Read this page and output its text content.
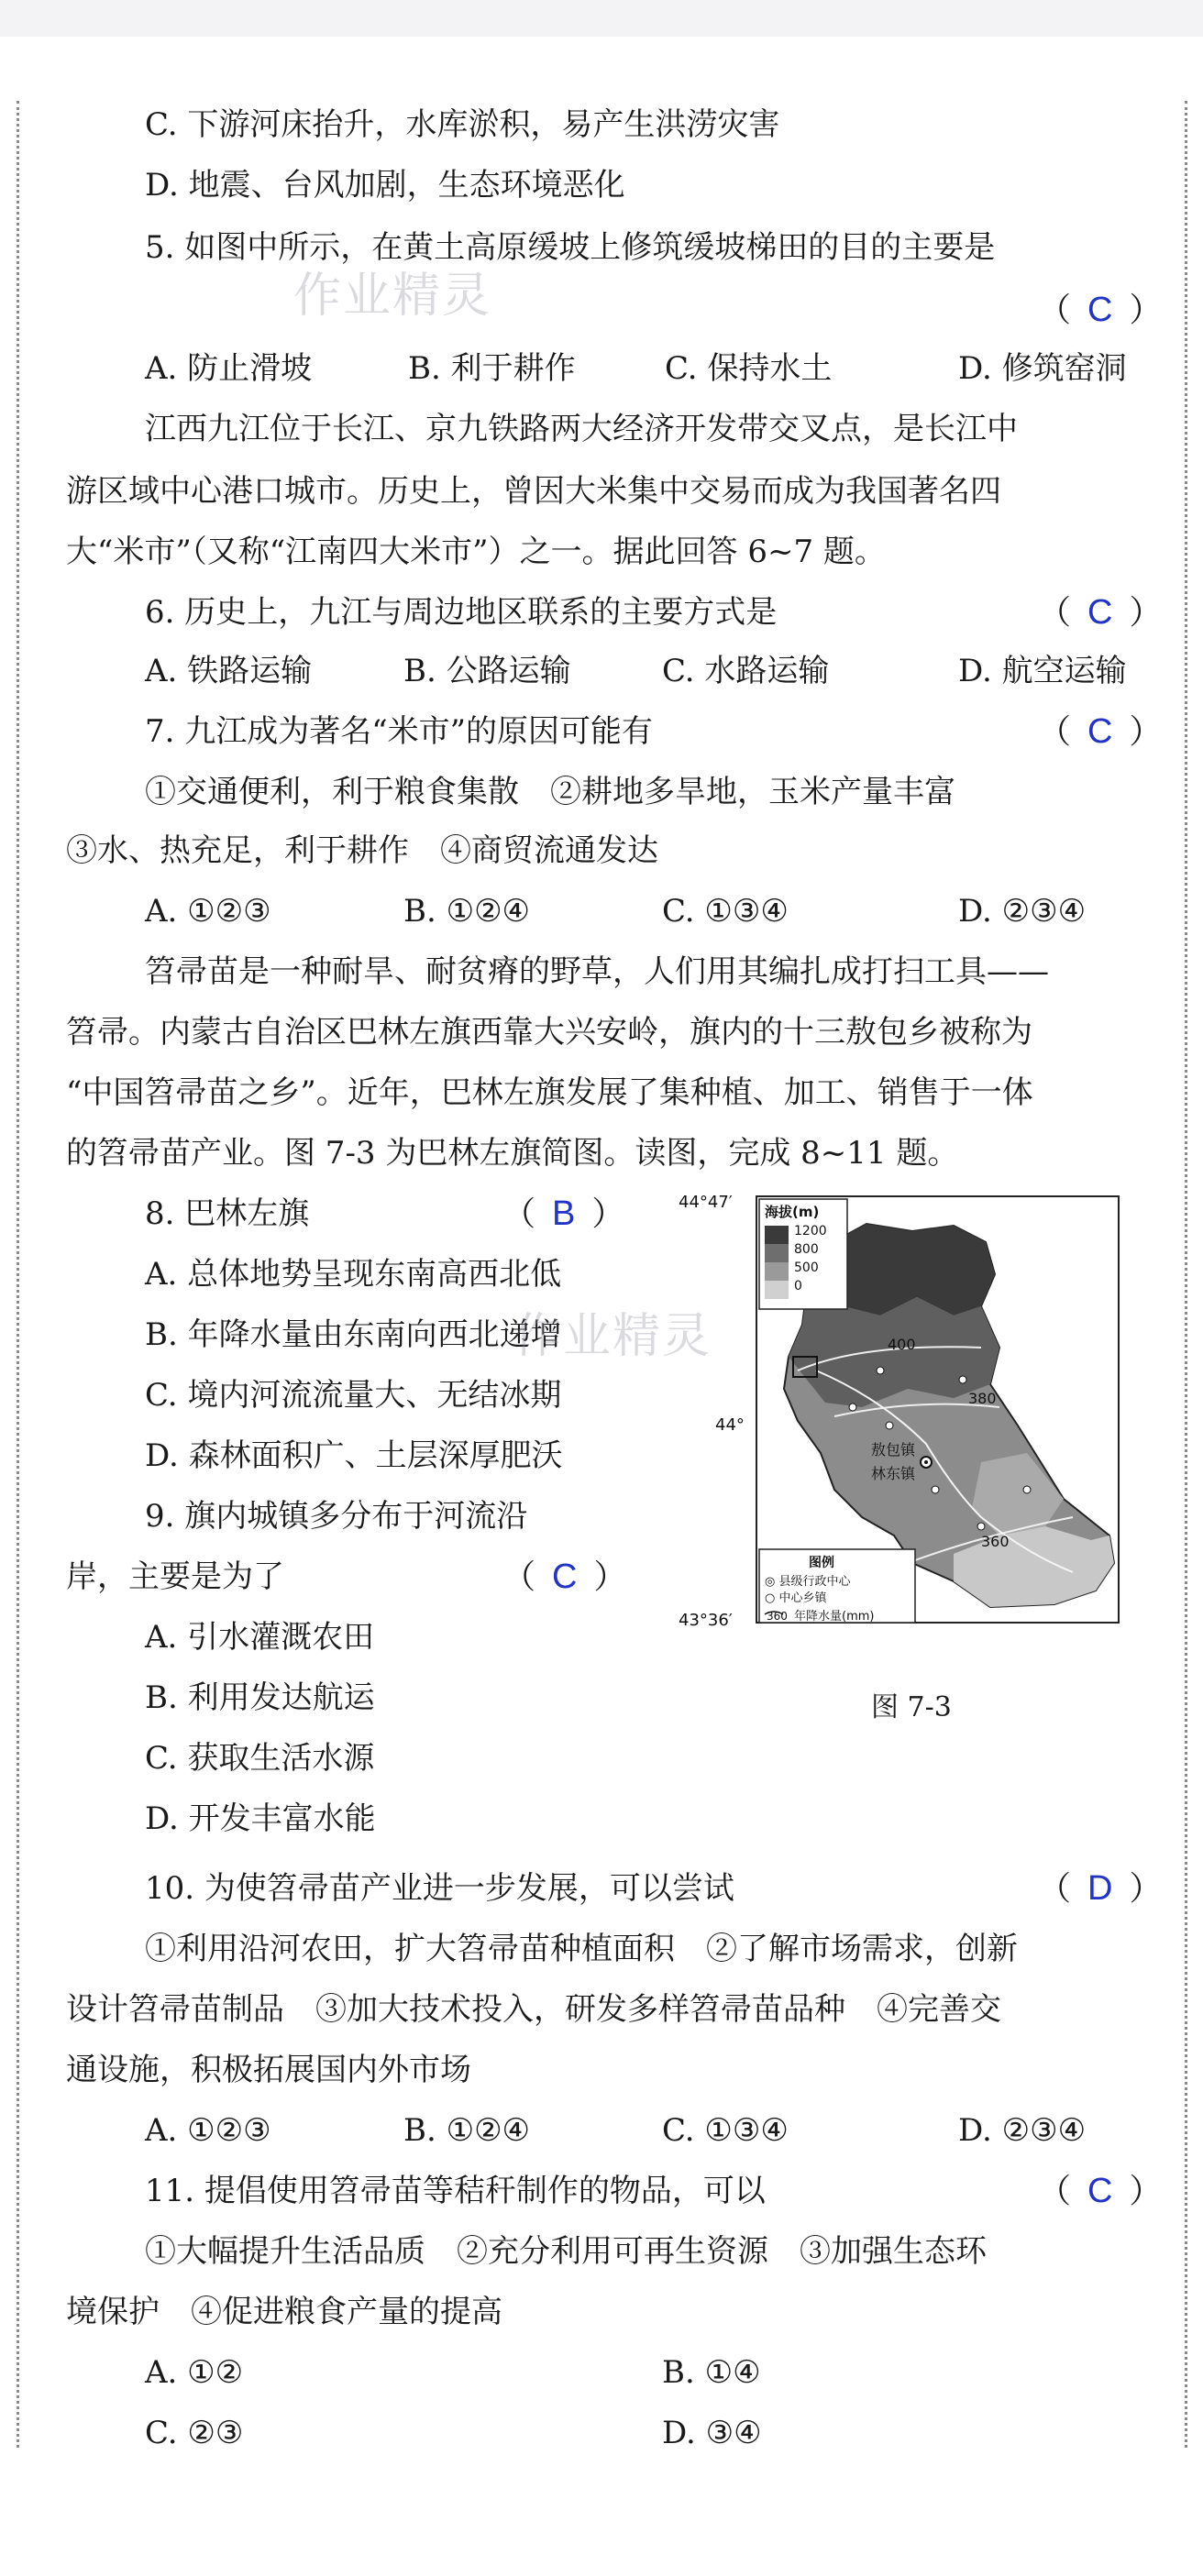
C. 下游河床抬升，水库淤积，易产生洪涝灾害
D. 地震、台风加剧，生态环境恶化
5. 如图中所示，在黄土高原缓坡上修筑缓坡梯田的目的主要是
（ C ）
A. 防止滑坡	B. 利于耕作	C. 保持水土	D. 修筑窑洞
江西九江位于长江、京九铁路两大经济开发带交叉点，是长江中
游区域中心港口城市。历史上，曾因大米集中交易而成为我国著名四
大“米市”（又称“江南四大米市”）之一。据此回答 6~7 题。
6. 历史上，九江与周边地区联系的主要方式是	（ C ）
A. 铁路运输	B. 公路运输	C. 水路运输	D. 航空运输
7. 九江成为著名“米市”的原因可能有	（ C ）
①交通便利，利于粮食集散　②耕地多旱地，玉米产量丰富
③水、热充足，利于耕作　④商贸流通发达
A. ①②③	B. ①②④	C. ①③④	D. ②③④
笤帚苗是一种耐旱、耐贫瘠的野草，人们用其编扎成打扫工具——
笤帚。内蒙古自治区巴林左旗西靠大兴安岭，旗内的十三敖包乡被称为
“中国笤帚苗之乡”。近年，巴林左旗发展了集种植、加工、销售于一体
的笤帚苗产业。图 7-3 为巴林左旗简图。读图，完成 8~11 题。
8. 巴林左旗	（ B ）
A. 总体地势呈现东南高西北低
B. 年降水量由东南向西北递增
C. 境内河流流量大、无结冰期
D. 森林面积广、土层深厚肥沃
9. 旗内城镇多分布于河流沿
岸，主要是为了	（ C ）
A. 引水灌溉农田
B. 利用发达航运
C. 获取生活水源
D. 开发丰富水能
44°47′
44°
43°36′
海拔(m)
1200
800
500
0
400
380
360
敖包镇
林东镇
图例
◎ 县级行政中心
○ 中心乡镇
360 年降水量(mm)
图 7-3
10. 为使笤帚苗产业进一步发展，可以尝试	（ D ）
①利用沿河农田，扩大笤帚苗种植面积　②了解市场需求，创新
设计笤帚苗制品　③加大技术投入，研发多样笤帚苗品种　④完善交
通设施，积极拓展国内外市场
A. ①②③	B. ①②④	C. ①③④	D. ②③④
11. 提倡使用笤帚苗等秸秆制作的物品，可以	（ C ）
①大幅提升生活品质　②充分利用可再生资源　③加强生态环
境保护　④促进粮食产量的提高
A. ①②	B. ①④
C. ②③	D. ③④
作业精灵
作业精灵
